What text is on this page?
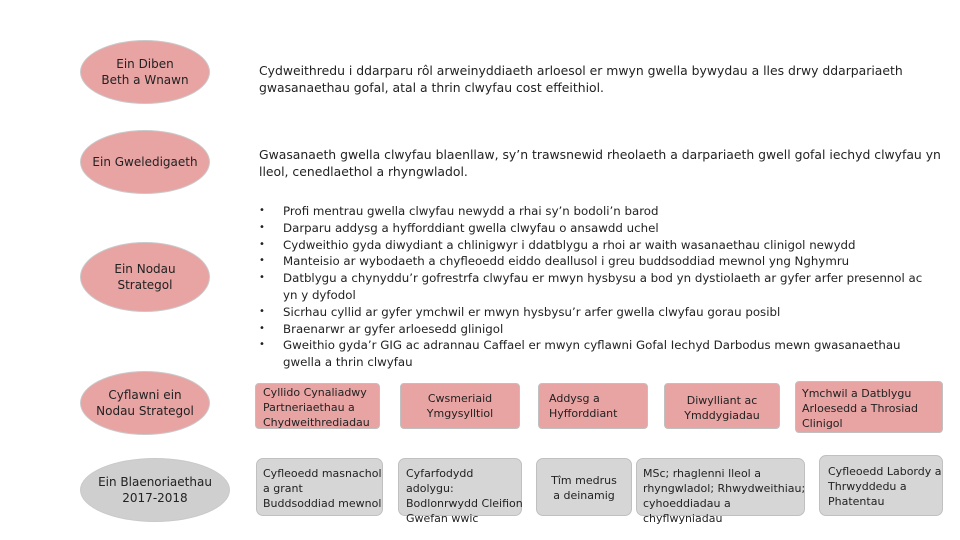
Ein Diben
Beth a Wnawn
Ein Gweledigaeth
Ein Nodau
Strategol
Cyflawni ein
Nodau Strategol
Ein Blaenoriaethau
2017-2018
Cydweithredu i ddarparu rôl arweinyddiaeth arloesol er mwyn gwella bywydau a lles drwy ddarpariaeth gwasanaethau gofal, atal a thrin clwyfau cost effeithiol.
Gwasanaeth gwella clwyfau blaenllaw, sy’n trawsnewid rheolaeth a darpariaeth gwell gofal iechyd clwyfau yn lleol, cenedlaethol a rhyngwladol.
• Profi mentrau gwella clwyfau newydd a rhai sy’n bodoli’n barod
• Darparu addysg a hyfforddiant gwella clwyfau o ansawdd uchel
• Cydweithio gyda diwydiant a chlinigwyr i ddatblygu a rhoi ar waith wasanaethau clinigol newydd
• Manteisio ar wybodaeth a chyfleoedd eiddo deallusol i greu buddsoddiad mewnol yng Nghymru
• Datblygu a chynyddu’r gofrestrfa clwyfau er mwyn hysbysu a bod yn dystiolaeth ar gyfer arfer presennol ac yn y dyfodol
• Sicrhau cyllid ar gyfer ymchwil er mwyn hysbysu’r arfer gwella clwyfau gorau posibl
• Braenarwr ar gyfer arloesedd glinigol
• Gweithio gyda’r GIG ac adrannau Caffael er mwyn cyflawni Gofal Iechyd Darbodus mewn gwasanaethau gwella a thrin clwyfau
Cyllido Cynaliadwy
Partneriaethau a
Chydweithrediadau
Cwsmeriaid
Ymgysylltiol
Addysg a
Hyfforddiant
Diwylliant ac
Ymddygiadau
Ymchwil a Datblygu
Arloesedd a Throsiad
Clinigol
Cyfleoedd masnachol
a grant
Buddsoddiad mewnol
Cyfarfodydd adolygu:
Bodlonrwydd Cleifion
Gwefan wwic
Tîm medrus
a deinamig
MSc; rhaglenni lleol a
rhyngwladol; Rhwydweithiau;
cyhoeddiadau a chyflwyniadau
Cyfleoedd Labordy a
Thrwyddedu a
Phatentau
